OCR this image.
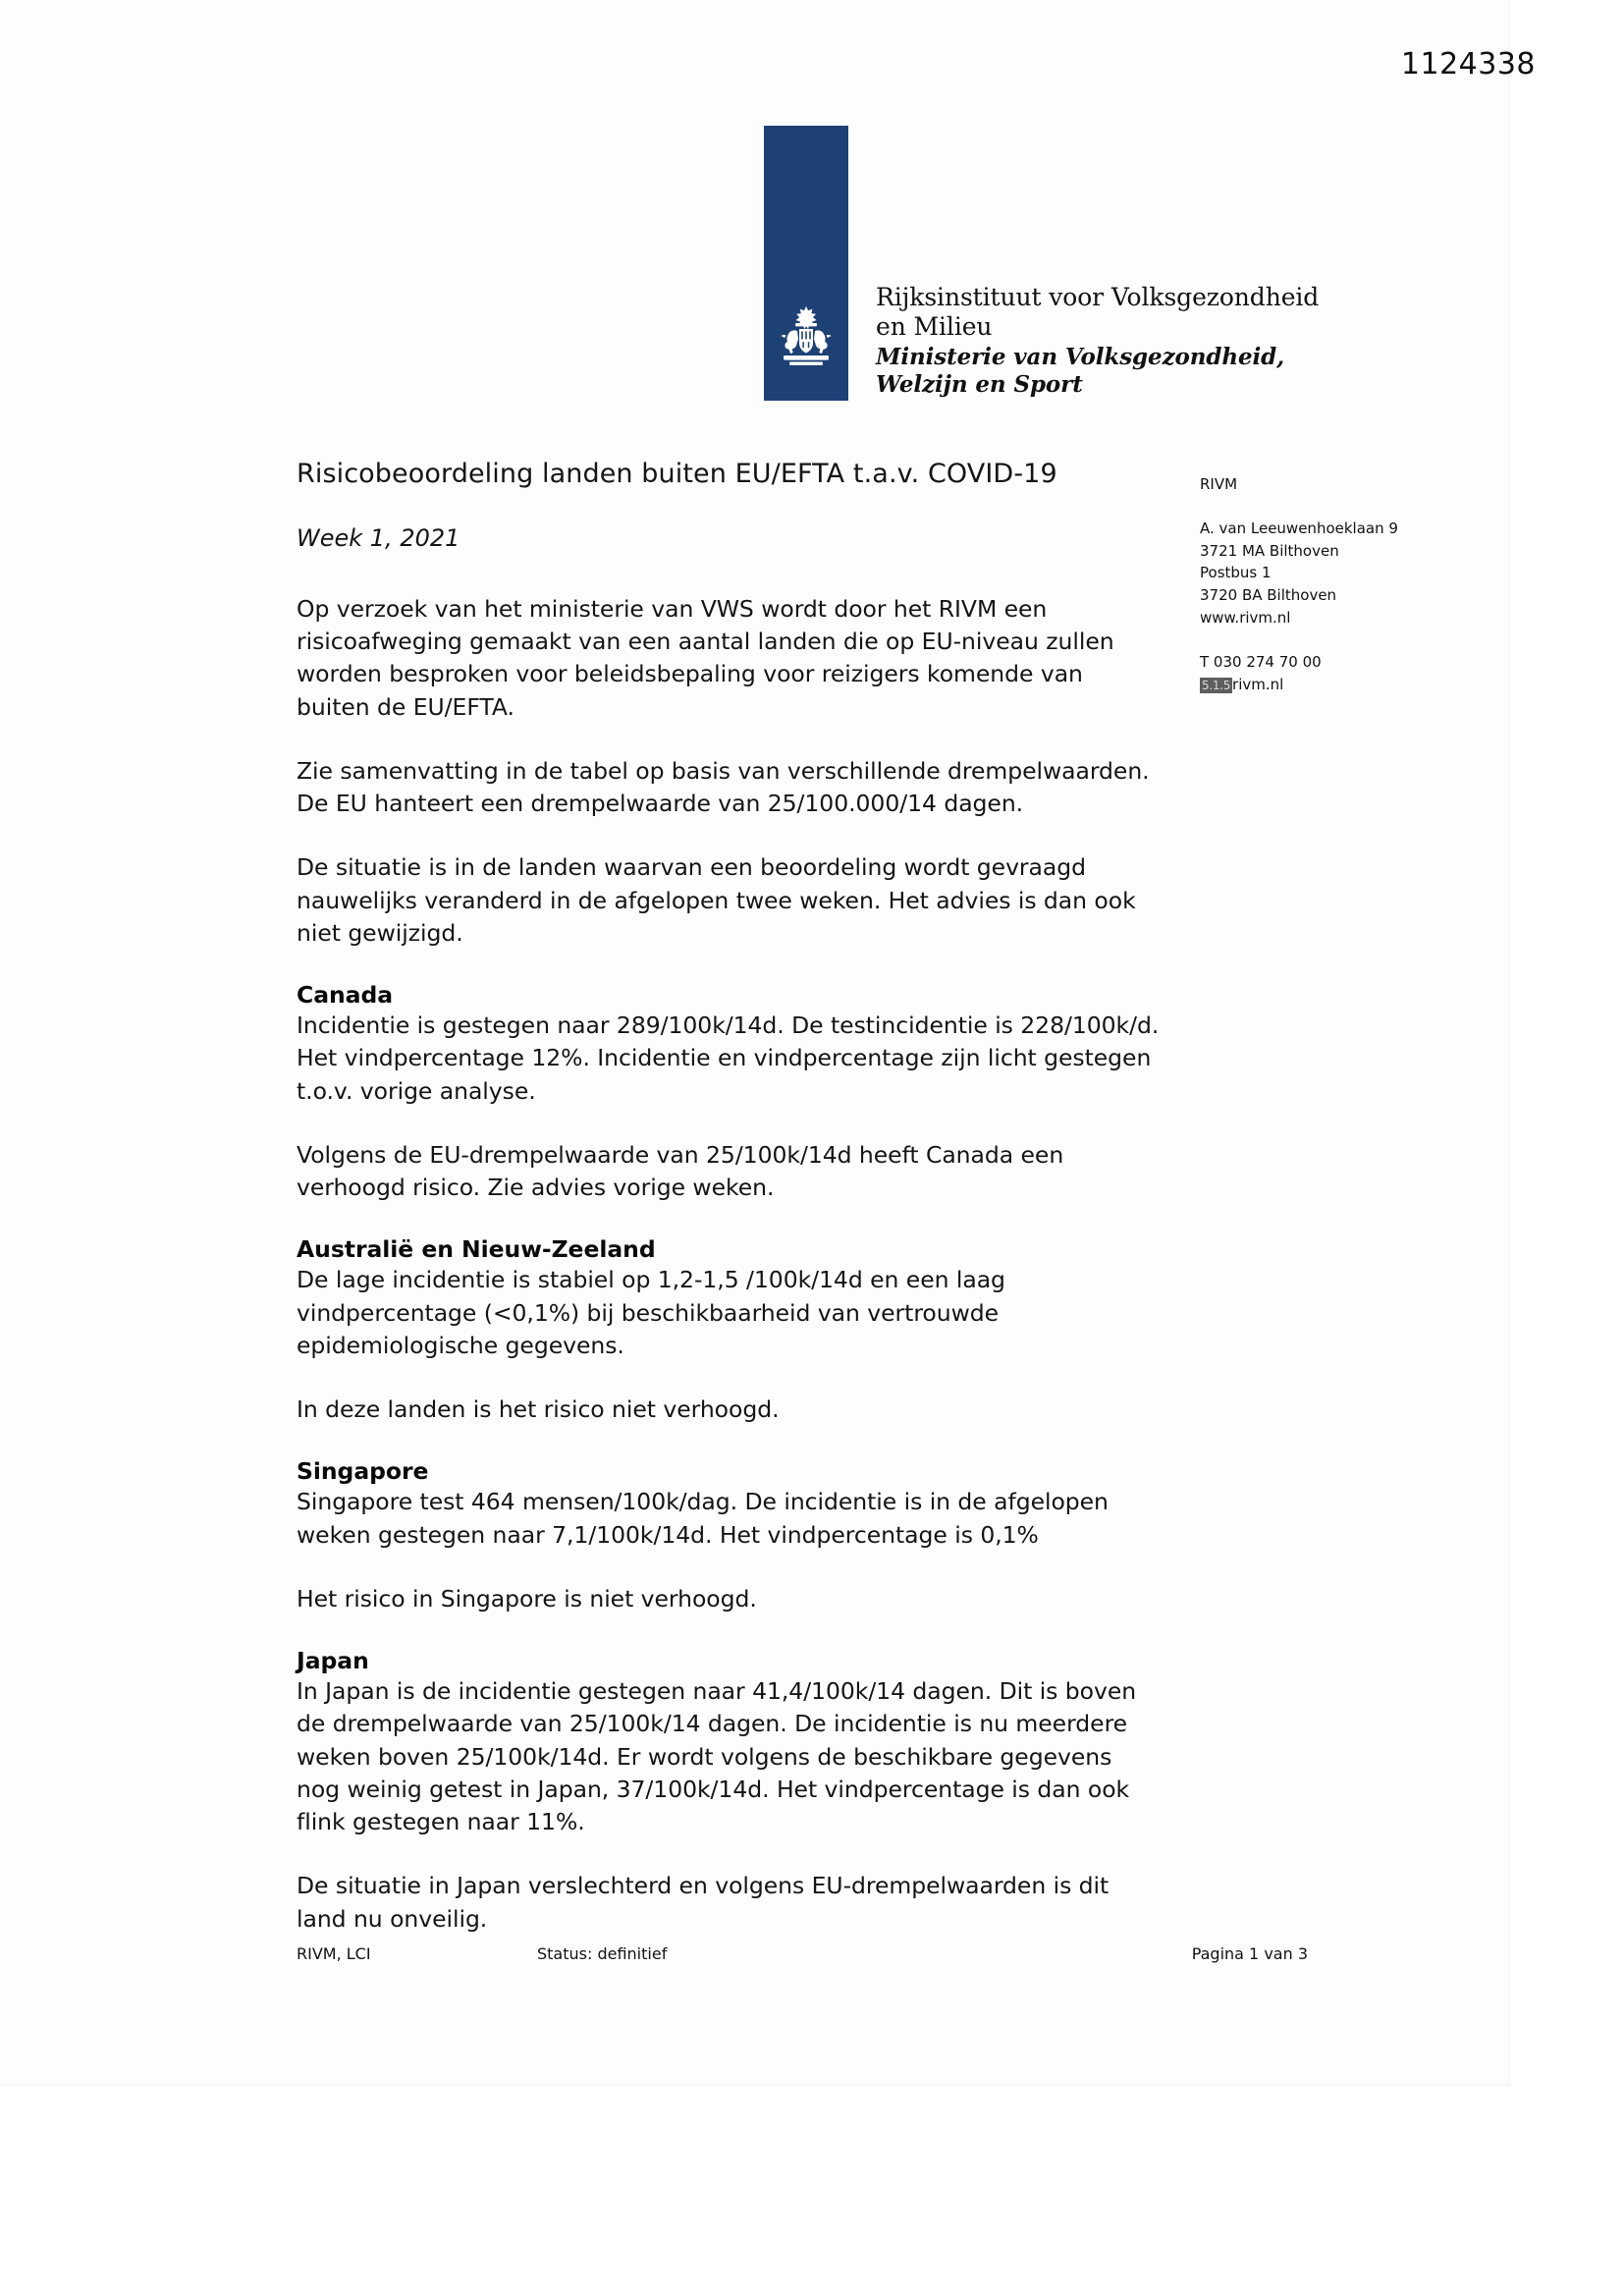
1124338
Rijksinstituut voor Volksgezondheid
en Milieu
Ministerie van Volksgezondheid,
Welzijn en Sport
Risicobeoordeling landen buiten EU/EFTA t.a.v. COVID-19
Week 1, 2021

Op verzoek van het ministerie van VWS wordt door het RIVM een risicoafweging gemaakt van een aantal landen die op EU-niveau zullen worden besproken voor beleidsbepaling voor reizigers komende van buiten de EU/EFTA.

Zie samenvatting in de tabel op basis van verschillende drempelwaarden. De EU hanteert een drempelwaarde van 25/100.000/14 dagen.

De situatie is in de landen waarvan een beoordeling wordt gevraagd nauwelijks veranderd in de afgelopen twee weken. Het advies is dan ook niet gewijzigd.

Canada

Incidentie is gestegen naar 289/100k/14d. De testincidentie is 228/100k/d. Het vindpercentage 12%. Incidentie en vindpercentage zijn licht gestegen t.o.v. vorige analyse.

Volgens de EU-drempelwaarde van 25/100k/14d heeft Canada een verhoogd risico. Zie advies vorige weken.

Australië en Nieuw-Zeeland

De lage incidentie is stabiel op 1,2-1,5 /100k/14d en een laag vindpercentage (<0,1%) bij beschikbaarheid van vertrouwde epidemiologische gegevens.

In deze landen is het risico niet verhoogd.

Singapore

Singapore test 464 mensen/100k/dag. De incidentie is in de afgelopen weken gestegen naar 7,1/100k/14d. Het vindpercentage is 0,1%

Het risico in Singapore is niet verhoogd.

Japan

In Japan is de incidentie gestegen naar 41,4/100k/14 dagen. Dit is boven de drempelwaarde van 25/100k/14 dagen. De incidentie is nu meerdere weken boven 25/100k/14d. Er wordt volgens de beschikbare gegevens nog weinig getest in Japan, 37/100k/14d. Het vindpercentage is dan ook flink gestegen naar 11%.

De situatie in Japan verslechterd en volgens EU-drempelwaarden is dit land nu onveilig.

RIVM
A. van Leeuwenhoeklaan 9
3721 MA Bilthoven
Postbus 1
3720 BA Bilthoven
www.rivm.nl
T 030 274 70 00
5.1.5 rivm.nl
RIVM, LCI	Status: definitief	Pagina 1 van 3
